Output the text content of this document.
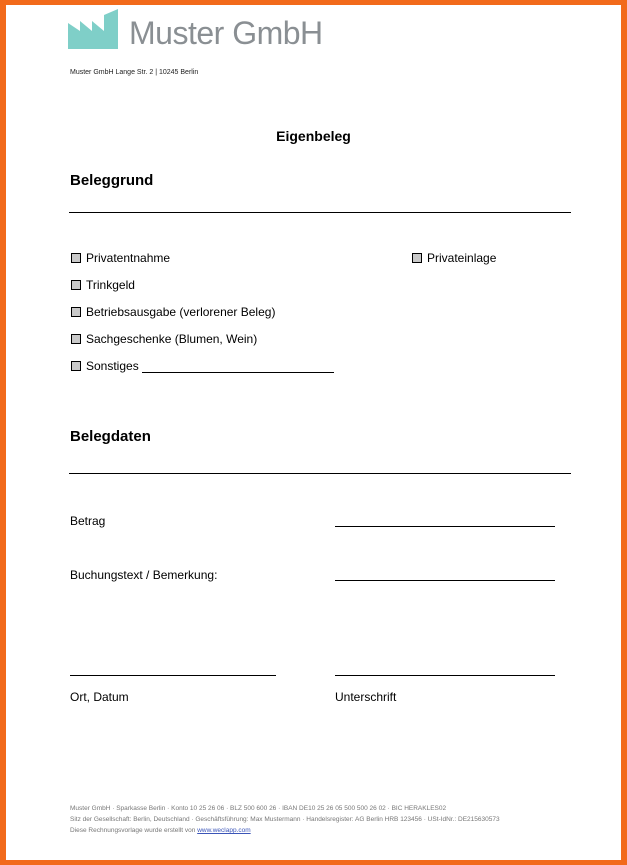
Muster GmbH
Muster GmbH Lange Str. 2 | 10245 Berlin
Eigenbeleg
Beleggrund
Privatentnahme	Privateinlage
Trinkgeld
Betriebsausgabe (verlorener Beleg)
Sachgeschenke (Blumen, Wein)
Sonstiges
Belegdaten
Betrag
Buchungstext / Bemerkung:
Ort, Datum	Unterschrift
Muster GmbH · Sparkasse Berlin · Konto 10 25 26 06 · BLZ 500 600 26 · IBAN DE10 25 26 05 500 500 26 02 · BIC HERAKLES02
Sitz der Gesellschaft: Berlin, Deutschland · Geschäftsführung: Max Mustermann · Handelsregister: AG Berlin HRB 123456 · USt-IdNr.: DE215630573
Diese Rechnungsvorlage wurde erstellt von www.weclapp.com
